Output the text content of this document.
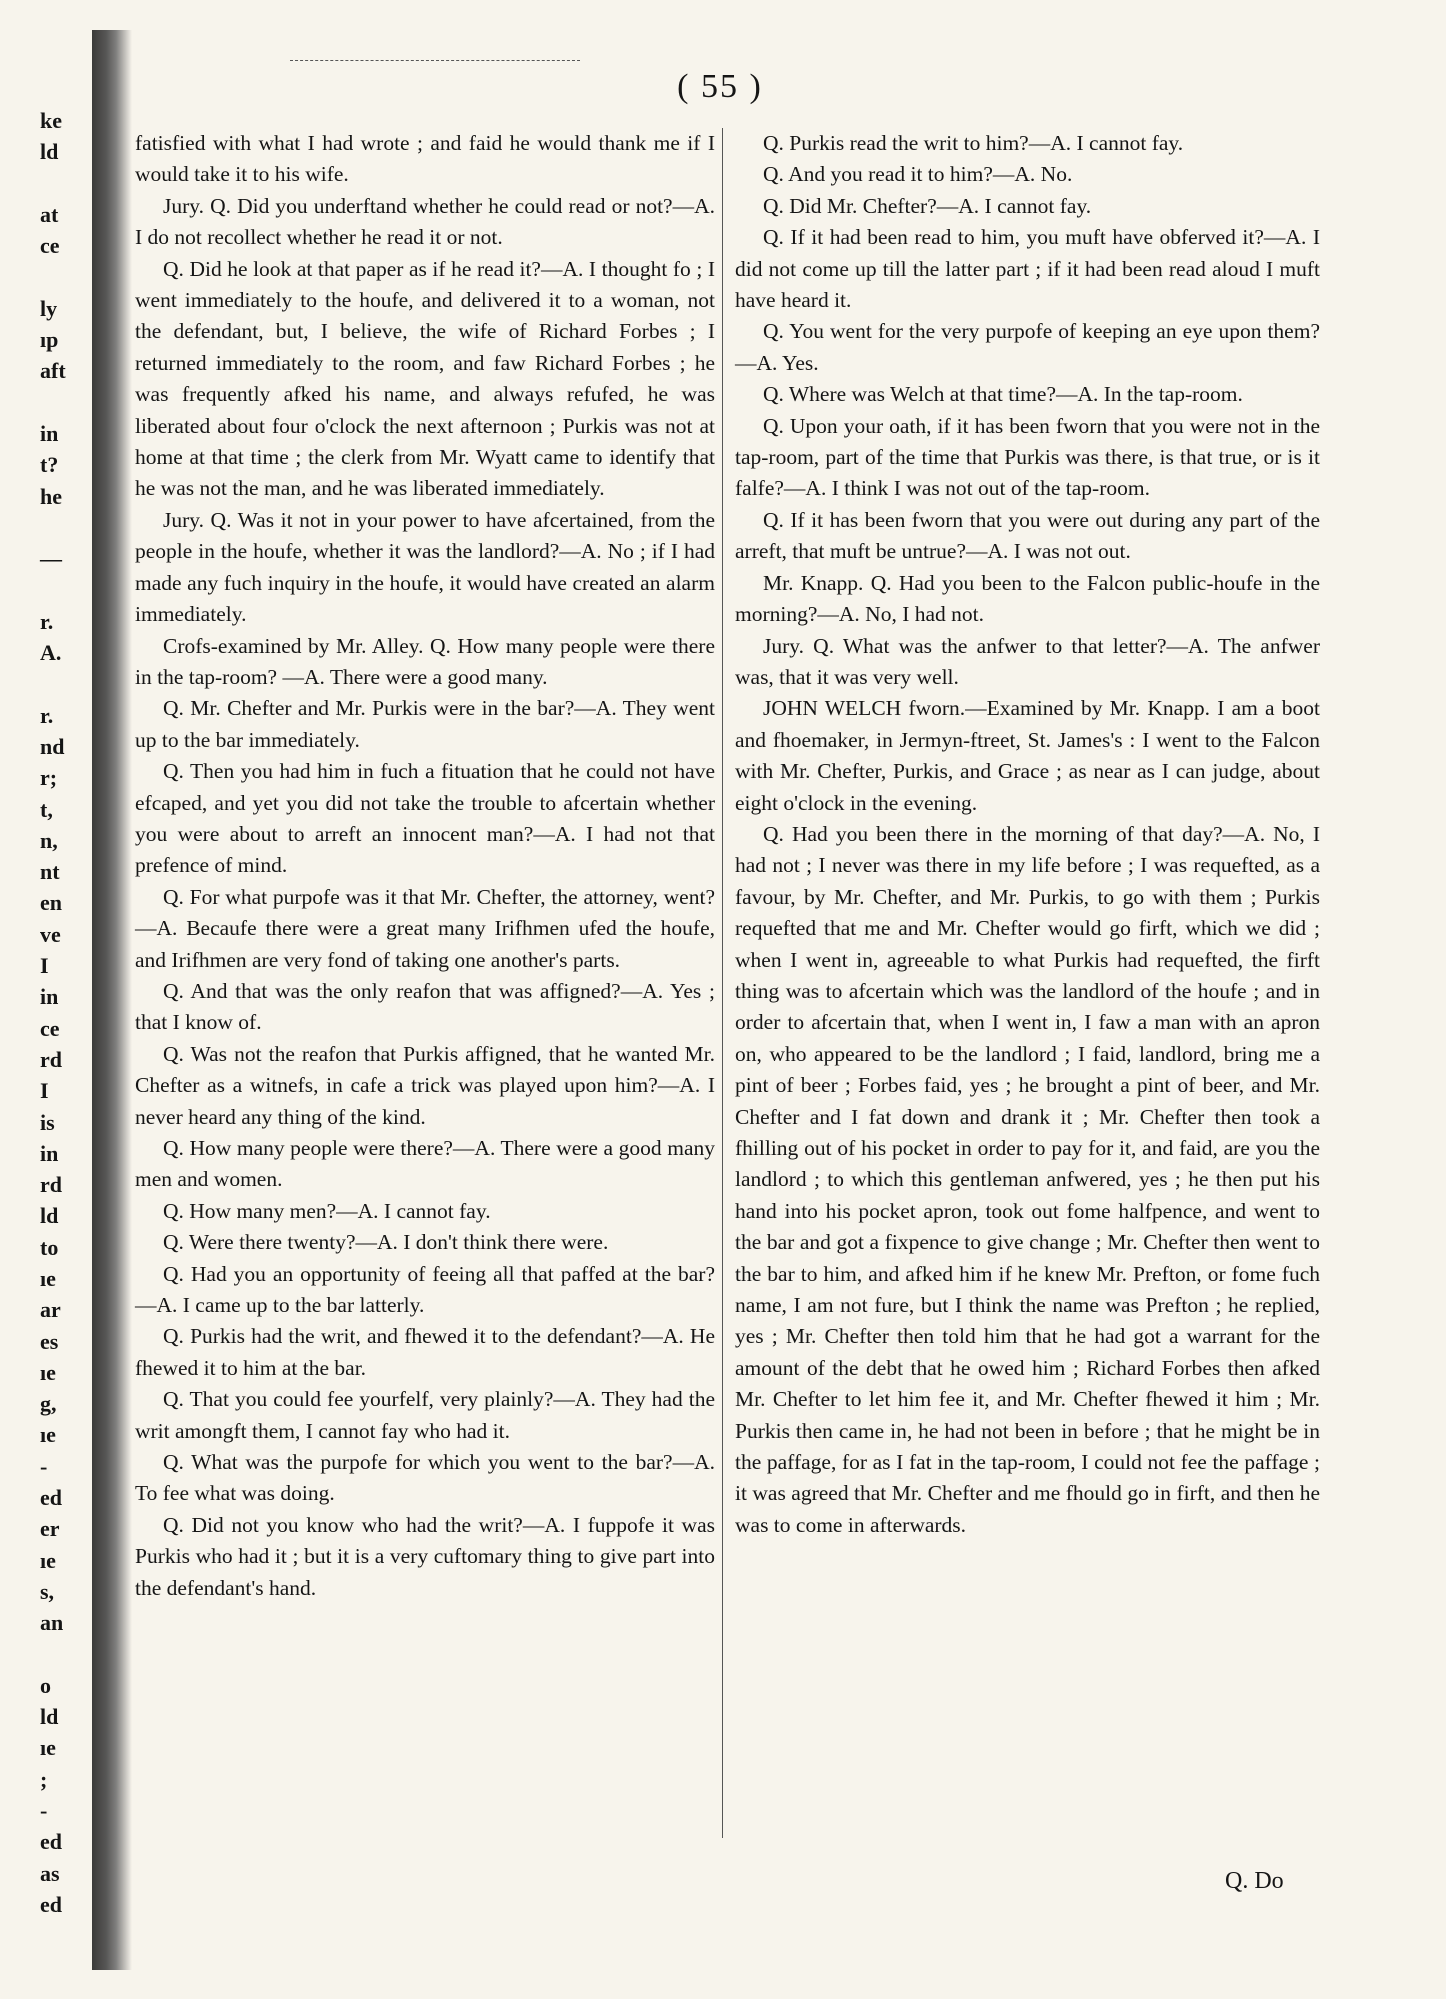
( 55 )
ke
ld
at
ce
ly
ıp
aft
in
t?
he
—
r.
A.
r.
nd
r;
t,
n,
nt
en
ve
I
in
ce
rd
I
is
in
rd
ld
to
ıe
ar
es
ıe
g,
ıe
-
ed
er
ıe
s,
an
o
ld
ıe
;
-
ed
as
ed

fatisfied with what I had wrote ; and faid he would thank me if I would take it to his wife.

Jury. Q. Did you underftand whether he could read or not?—A. I do not recollect whether he read it or not.

Q. Did he look at that paper as if he read it?—A. I thought fo ; I went immediately to the houfe, and delivered it to a woman, not the defendant, but, I believe, the wife of Richard Forbes ; I returned immediately to the room, and faw Richard Forbes ; he was frequently afked his name, and always refufed, he was liberated about four o'clock the next afternoon ; Purkis was not at home at that time ; the clerk from Mr. Wyatt came to identify that he was not the man, and he was liberated immediately.

Jury. Q. Was it not in your power to have afcertained, from the people in the houfe, whether it was the landlord?—A. No ; if I had made any fuch inquiry in the houfe, it would have created an alarm immediately.

Crofs-examined by Mr. Alley. Q. How many people were there in the tap-room? —A. There were a good many.

Q. Mr. Chefter and Mr. Purkis were in the bar?—A. They went up to the bar immediately.

Q. Then you had him in fuch a fituation that he could not have efcaped, and yet you did not take the trouble to afcertain whether you were about to arreft an innocent man?—A. I had not that prefence of mind.

Q. For what purpofe was it that Mr. Chefter, the attorney, went?—A. Becaufe there were a great many Irifhmen ufed the houfe, and Irifhmen are very fond of taking one another's parts.

Q. And that was the only reafon that was affigned?—A. Yes ; that I know of.

Q. Was not the reafon that Purkis affigned, that he wanted Mr. Chefter as a witnefs, in cafe a trick was played upon him?—A. I never heard any thing of the kind.

Q. How many people were there?—A. There were a good many men and women.

Q. How many men?—A. I cannot fay.

Q. Were there twenty?—A. I don't think there were.

Q. Had you an opportunity of feeing all that paffed at the bar?—A. I came up to the bar latterly.

Q. Purkis had the writ, and fhewed it to the defendant?—A. He fhewed it to him at the bar.

Q. That you could fee yourfelf, very plainly?—A. They had the writ amongft them, I cannot fay who had it.

Q. What was the purpofe for which you went to the bar?—A. To fee what was doing.

Q. Did not you know who had the writ?—A. I fuppofe it was Purkis who had it ; but it is a very cuftomary thing to give part into the defendant's hand.

Q. Purkis read the writ to him?—A. I cannot fay.

Q. And you read it to him?—A. No.

Q. Did Mr. Chefter?—A. I cannot fay.

Q. If it had been read to him, you muft have obferved it?—A. I did not come up till the latter part ; if it had been read aloud I muft have heard it.

Q. You went for the very purpofe of keeping an eye upon them?—A. Yes.

Q. Where was Welch at that time?—A. In the tap-room.

Q. Upon your oath, if it has been fworn that you were not in the tap-room, part of the time that Purkis was there, is that true, or is it falfe?—A. I think I was not out of the tap-room.

Q. If it has been fworn that you were out during any part of the arreft, that muft be untrue?—A. I was not out.

Mr. Knapp. Q. Had you been to the Falcon public-houfe in the morning?—A. No, I had not.

Jury. Q. What was the anfwer to that letter?—A. The anfwer was, that it was very well.

JOHN WELCH fworn.—Examined by Mr. Knapp. I am a boot and fhoemaker, in Jermyn-ftreet, St. James's : I went to the Falcon with Mr. Chefter, Purkis, and Grace ; as near as I can judge, about eight o'clock in the evening.

Q. Had you been there in the morning of that day?—A. No, I had not ; I never was there in my life before ; I was requefted, as a favour, by Mr. Chefter, and Mr. Purkis, to go with them ; Purkis requefted that me and Mr. Chefter would go firft, which we did ; when I went in, agreeable to what Purkis had requefted, the firft thing was to afcertain which was the landlord of the houfe ; and in order to afcertain that, when I went in, I faw a man with an apron on, who appeared to be the landlord ; I faid, landlord, bring me a pint of beer ; Forbes faid, yes ; he brought a pint of beer, and Mr. Chefter and I fat down and drank it ; Mr. Chefter then took a fhilling out of his pocket in order to pay for it, and faid, are you the landlord ; to which this gentleman anfwered, yes ; he then put his hand into his pocket apron, took out fome halfpence, and went to the bar and got a fixpence to give change ; Mr. Chefter then went to the bar to him, and afked him if he knew Mr. Prefton, or fome fuch name, I am not fure, but I think the name was Prefton ; he replied, yes ; Mr. Chefter then told him that he had got a warrant for the amount of the debt that he owed him ; Richard Forbes then afked Mr. Chefter to let him fee it, and Mr. Chefter fhewed it him ; Mr. Purkis then came in, he had not been in before ; that he might be in the paffage, for as I fat in the tap-room, I could not fee the paffage ; it was agreed that Mr. Chefter and me fhould go in firft, and then he was to come in afterwards.

Q. Do
